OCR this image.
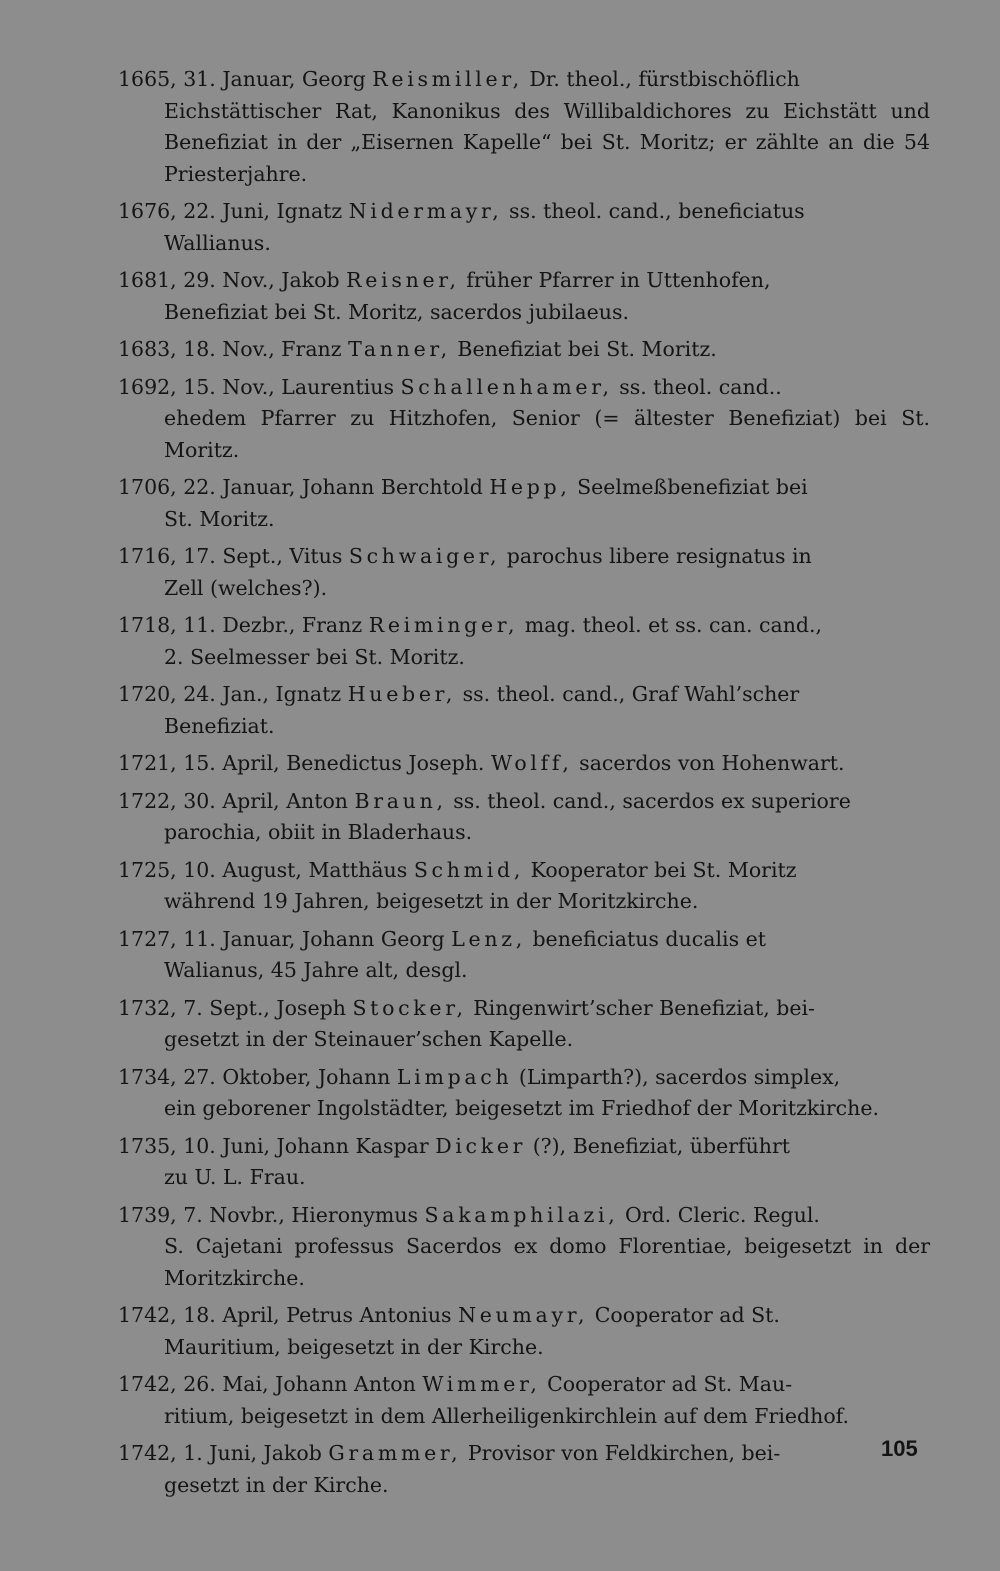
1665, 31. Januar, Georg Reismiller, Dr. theol., fürstbischöflich
Eichstättischer Rat, Kanonikus des Willibaldichores zu Eichstätt und Benefiziat in der „Eisernen Kapelle“ bei St. Moritz; er zählte an die 54 Priesterjahre.

1676, 22. Juni, Ignatz Nidermayr, ss. theol. cand., beneficiatus
Wallianus.

1681, 29. Nov., Jakob Reisner, früher Pfarrer in Uttenhofen,
Benefiziat bei St. Moritz, sacerdos jubilaeus.

1683, 18. Nov., Franz Tanner, Benefiziat bei St. Moritz.

1692, 15. Nov., Laurentius Schallenhamer, ss. theol. cand..
ehedem Pfarrer zu Hitzhofen, Senior (= ältester Benefiziat) bei St. Moritz.

1706, 22. Januar, Johann Berchtold Hepp, Seelmeßbenefiziat bei
St. Moritz.

1716, 17. Sept., Vitus Schwaiger, parochus libere resignatus in
Zell (welches?).

1718, 11. Dezbr., Franz Reiminger, mag. theol. et ss. can. cand.,
2. Seelmesser bei St. Moritz.

1720, 24. Jan., Ignatz Hueber, ss. theol. cand., Graf Wahl’scher
Benefiziat.

1721, 15. April, Benedictus Joseph. Wolff, sacerdos von Hohenwart.

1722, 30. April, Anton Braun, ss. theol. cand., sacerdos ex superiore
parochia, obiit in Bladerhaus.

1725, 10. August, Matthäus Schmid, Kooperator bei St. Moritz
während 19 Jahren, beigesetzt in der Moritzkirche.

1727, 11. Januar, Johann Georg Lenz, beneficiatus ducalis et
Walianus, 45 Jahre alt, desgl.

1732, 7. Sept., Joseph Stocker, Ringenwirt’scher Benefiziat, bei-
gesetzt in der Steinauer’schen Kapelle.

1734, 27. Oktober, Johann Limpach (Limparth?), sacerdos simplex,
ein geborener Ingolstädter, beigesetzt im Friedhof der Moritzkirche.

1735, 10. Juni, Johann Kaspar Dicker (?), Benefiziat, überführt
zu U. L. Frau.

1739, 7. Novbr., Hieronymus Sakamphilazi, Ord. Cleric. Regul.
S. Cajetani professus Sacerdos ex domo Florentiae, beigesetzt in der Moritzkirche.

1742, 18. April, Petrus Antonius Neumayr, Cooperator ad St.
Mauritium, beigesetzt in der Kirche.

1742, 26. Mai, Johann Anton Wimmer, Cooperator ad St. Mau-
ritium, beigesetzt in dem Allerheiligenkirchlein auf dem Friedhof.

1742, 1. Juni, Jakob Grammer, Provisor von Feldkirchen, bei-
gesetzt in der Kirche.

105
